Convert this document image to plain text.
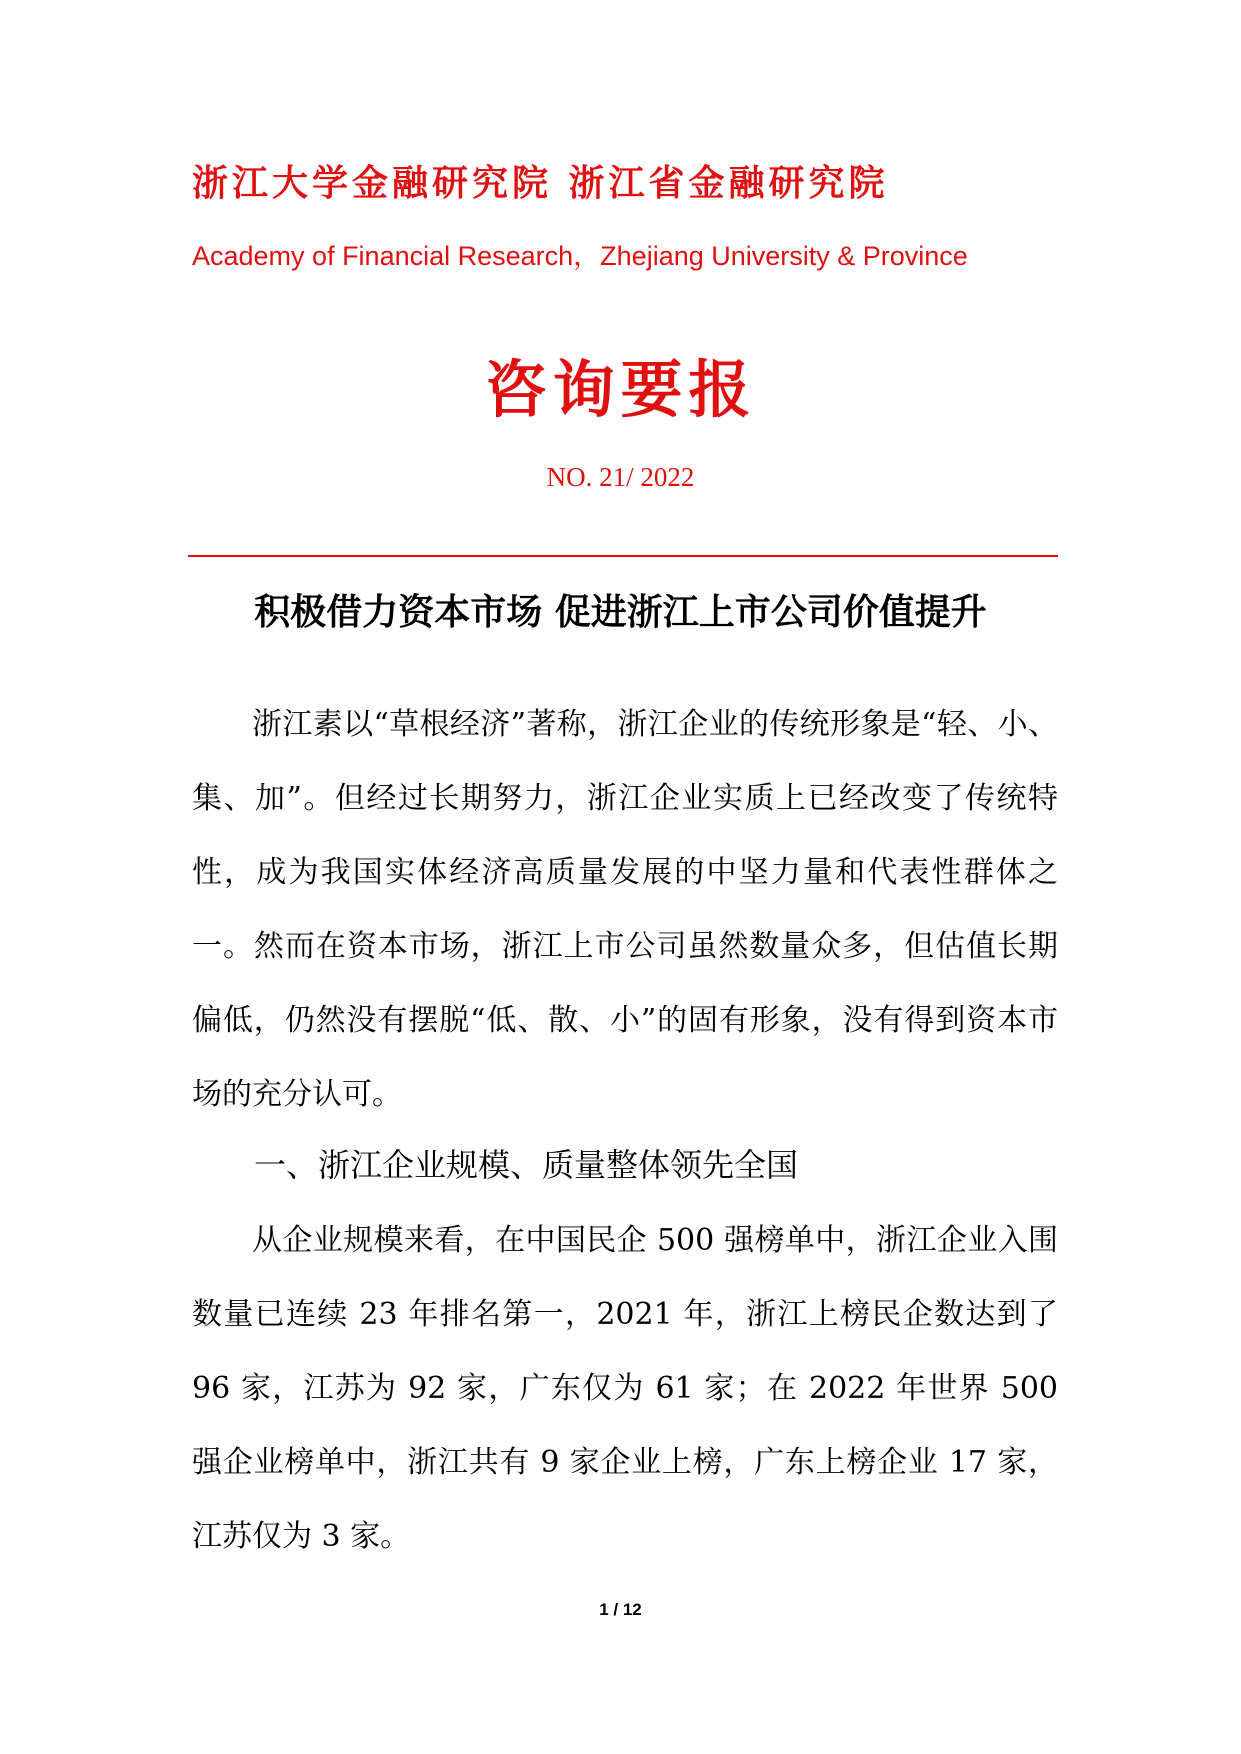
浙江大学金融研究院 浙江省金融研究院
Academy of Financial Research，Zhejiang University & Province
咨询要报
NO. 21/ 2022
积极借力资本市场 促进浙江上市公司价值提升

浙江素以“草根经济”著称，浙江企业的传统形象是“轻、小、集、加”。但经过长期努力，浙江企业实质上已经改变了传统特性，成为我国实体经济高质量发展的中坚力量和代表性群体之一。然而在资本市场，浙江上市公司虽然数量众多，但估值长期偏低，仍然没有摆脱“低、散、小”的固有形象，没有得到资本市场的充分认可。

一、浙江企业规模、质量整体领先全国

从企业规模来看，在中国民企 500 强榜单中，浙江企业入围数量已连续 23 年排名第一，2021 年，浙江上榜民企数达到了 96 家，江苏为 92 家，广东仅为 61 家；在 2022 年世界 500 强企业榜单中，浙江共有 9 家企业上榜，广东上榜企业 17 家，江苏仅为 3 家。

1 / 12
